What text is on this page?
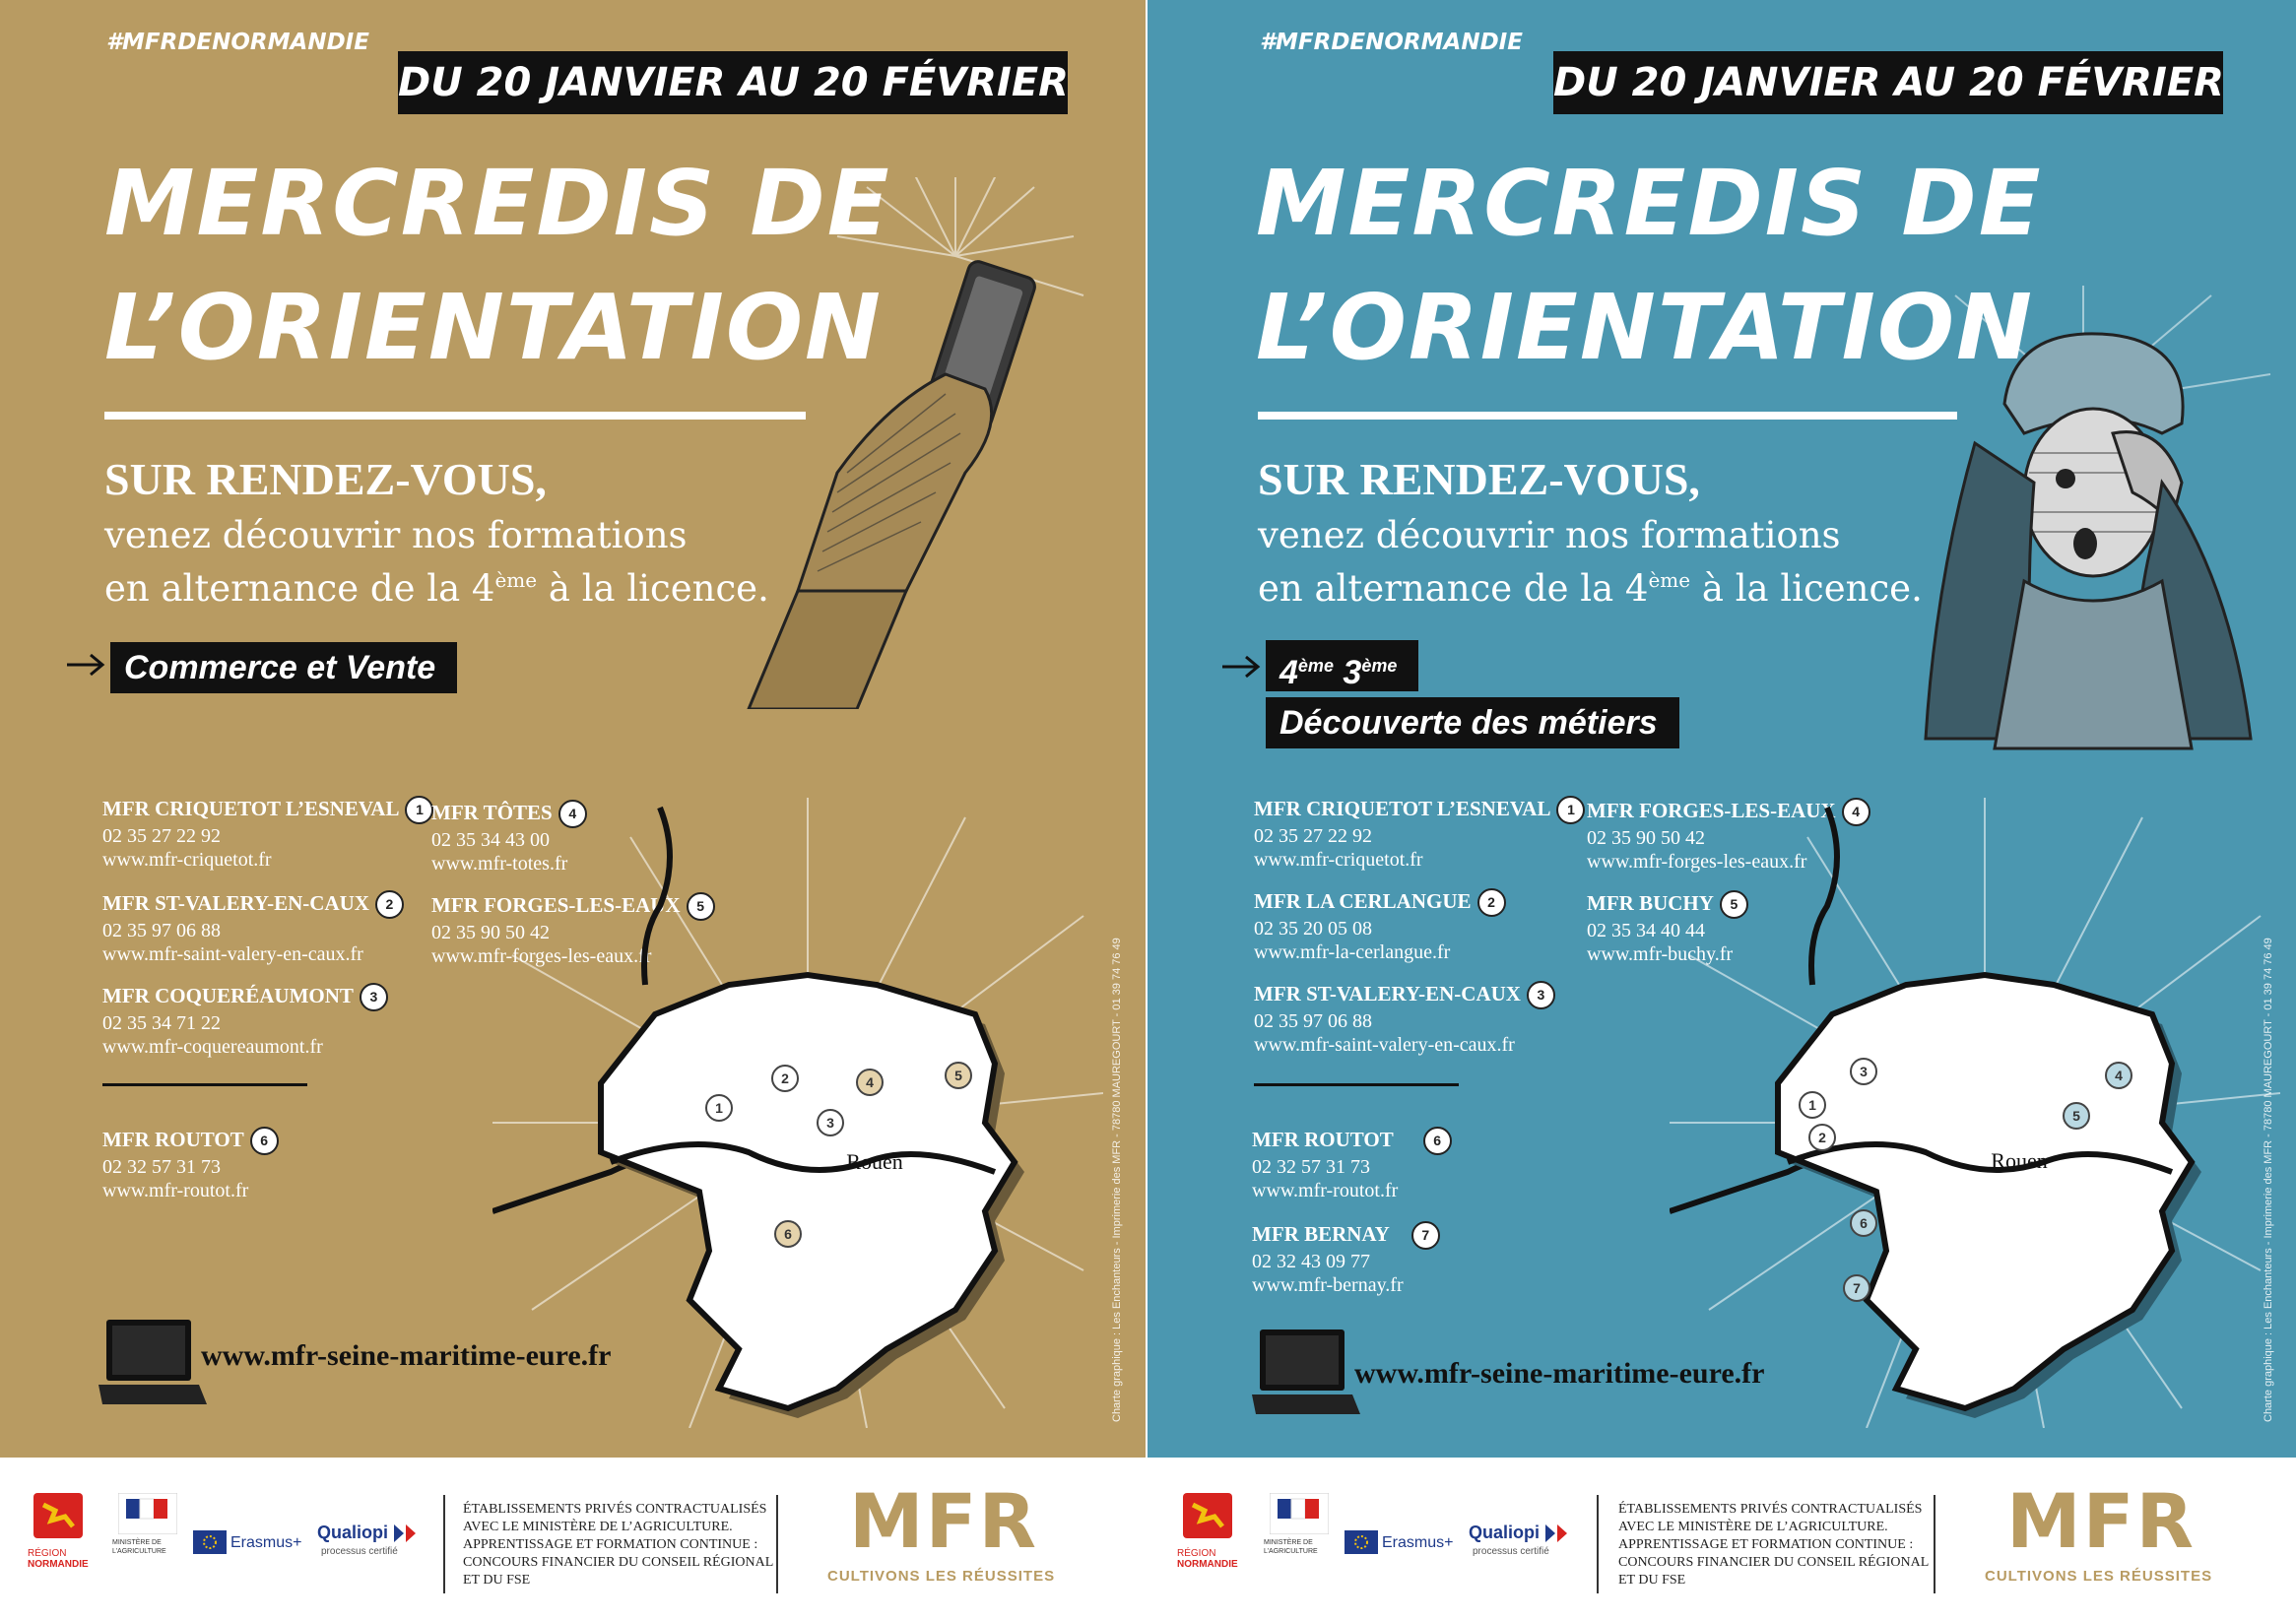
#MFRDENORMANDIE
DU 20 JANVIER AU 20 FÉVRIER
MERCREDIS DE
L’ORIENTATION
SUR RENDEZ-VOUS,
venez découvrir nos formations
en alternance de la 4ème à la licence.
Commerce et Vente
MFR CRIQUETOT L’ESNEVAL 1
02 35 27 22 92
www.mfr-criquetot.fr
MFR ST-VALERY-EN-CAUX 2
02 35 97 06 88
www.mfr-saint-valery-en-caux.fr
MFR COQUERÉAUMONT 3
02 35 34 71 22
www.mfr-coquereaumont.fr
MFR TÔTES 4
02 35 34 43 00
www.mfr-totes.fr
MFR FORGES-LES-EAUX 5
02 35 90 50 42
www.mfr-forges-les-eaux.fr
MFR ROUTOT 6
02 32 57 31 73
www.mfr-routot.fr
1
2
3
4	5
6
Rouen
www.mfr-seine-maritime-eure.fr	Charte graphique : Les Enchanteurs - Imprimerie des MFR - 78780 MAUREGOURT - 01 39 74 76 49
RÉGION
NORMANDIE
MINISTÈRE DE L’AGRICULTURE
Erasmus+
Qualiopi
processus certifié
ÉTABLISSEMENTS PRIVÉS CONTRACTUALISÉS
AVEC LE MINISTÈRE DE L’AGRICULTURE.
APPRENTISSAGE ET FORMATION CONTINUE :
CONCOURS FINANCIER DU CONSEIL RÉGIONAL
ET DU FSE
MFR
CULTIVONS LES RÉUSSITES
#MFRDENORMANDIE
DU 20 JANVIER AU 20 FÉVRIER
MERCREDIS DE
L’ORIENTATION
SUR RENDEZ-VOUS,
venez découvrir nos formations
en alternance de la 4ème à la licence.
4ème 3ème
Découverte des métiers
MFR CRIQUETOT L’ESNEVAL 1
02 35 27 22 92
www.mfr-criquetot.fr
MFR LA CERLANGUE 2
02 35 20 05 08
www.mfr-la-cerlangue.fr
MFR ST-VALERY-EN-CAUX 3
02 35 97 06 88
www.mfr-saint-valery-en-caux.fr
MFR FORGES-LES-EAUX 4
02 35 90 50 42
www.mfr-forges-les-eaux.fr
MFR BUCHY 5
02 35 34 40 44
www.mfr-buchy.fr
MFR ROUTOT	6
02 32 57 31 73
www.mfr-routot.fr
MFR BERNAY 7
02 32 43 09 77
www.mfr-bernay.fr
1
2
3	4
5
6
7
Rouen
www.mfr-seine-maritime-eure.fr	Charte graphique : Les Enchanteurs - Imprimerie des MFR - 78780 MAUREGOURT - 01 39 74 76 49
RÉGION
NORMANDIE
MINISTÈRE DE L’AGRICULTURE
Erasmus+
Qualiopi
processus certifié
ÉTABLISSEMENTS PRIVÉS CONTRACTUALISÉS
AVEC LE MINISTÈRE DE L’AGRICULTURE.
APPRENTISSAGE ET FORMATION CONTINUE :
CONCOURS FINANCIER DU CONSEIL RÉGIONAL
ET DU FSE
MFR
CULTIVONS LES RÉUSSITES
